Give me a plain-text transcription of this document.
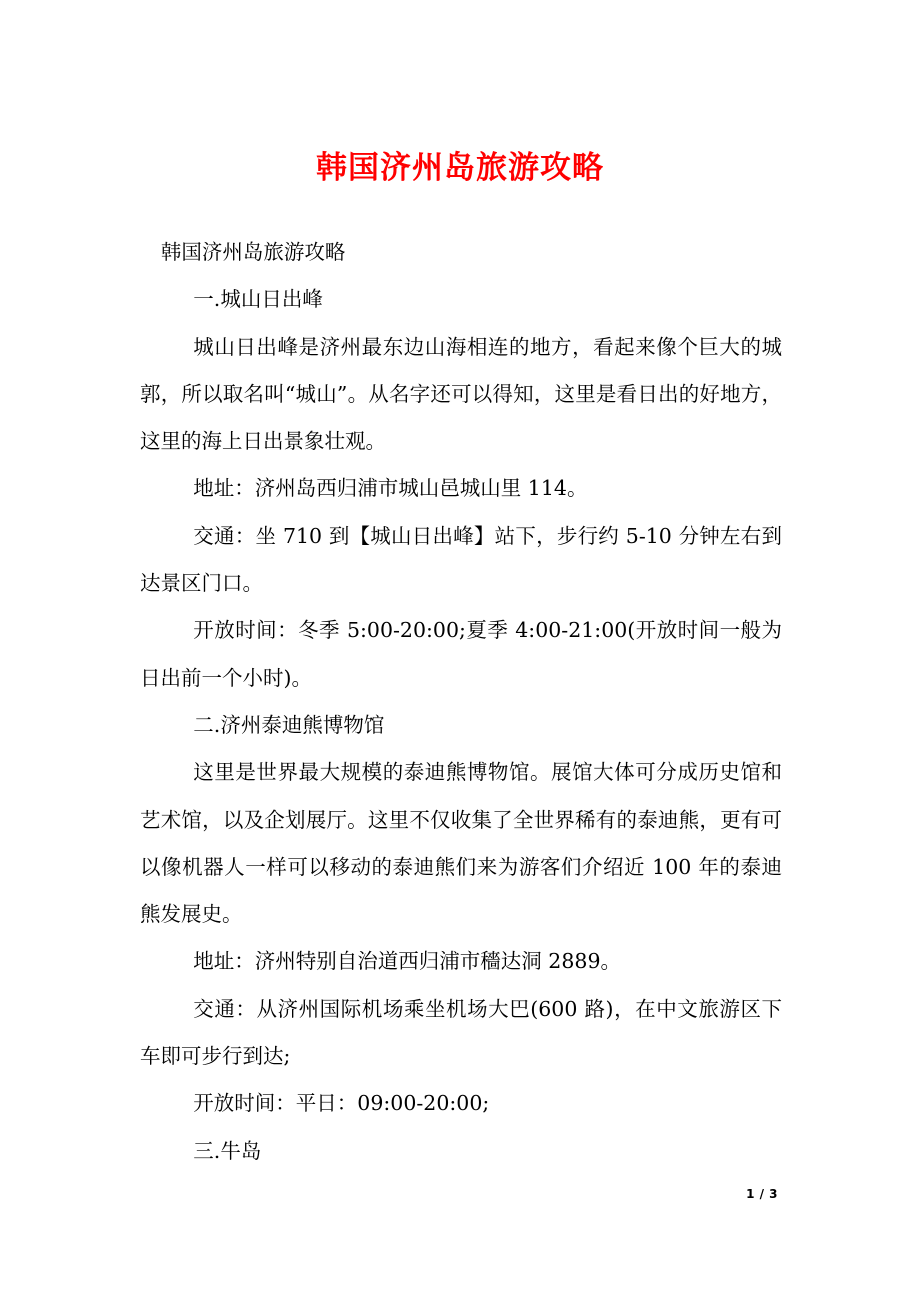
韩国济州岛旅游攻略

韩国济州岛旅游攻略

一.城山日出峰

城山日出峰是济州最东边山海相连的地方，看起来像个巨大的城郭，所以取名叫“城山”。从名字还可以得知，这里是看日出的好地方，这里的海上日出景象壮观。

地址：济州岛西归浦市城山邑城山里 114。

交通：坐 710 到【城山日出峰】站下，步行约 5-10 分钟左右到达景区门口。

开放时间：冬季 5:00-20:00;夏季 4:00-21:00(开放时间一般为日出前一个小时)。

二.济州泰迪熊博物馆

这里是世界最大规模的泰迪熊博物馆。展馆大体可分成历史馆和艺术馆，以及企划展厅。这里不仅收集了全世界稀有的泰迪熊，更有可以像机器人一样可以移动的泰迪熊们来为游客们介绍近 100 年的泰迪熊发展史。

地址：济州特别自治道西归浦市穡达洞 2889。

交通：从济州国际机场乘坐机场大巴(600 路)，在中文旅游区下车即可步行到达;

开放时间：平日：09:00-20:00;

三.牛岛

1 / 3
